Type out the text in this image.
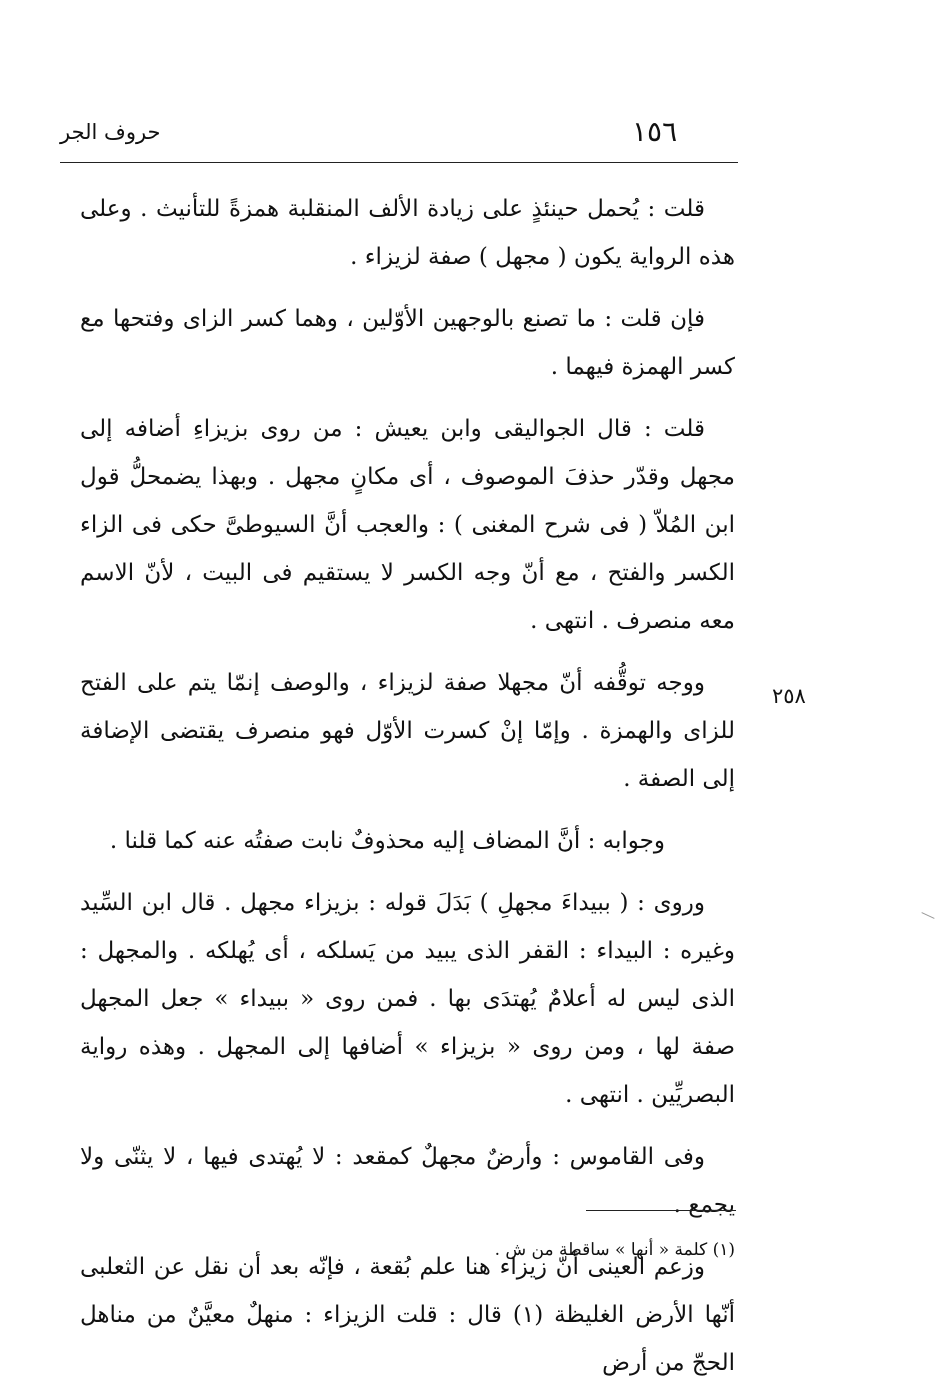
حروف الجر	١٥٦

قلت : يُحمل حينئذٍ على زيادة الألف المنقلبة همزةً للتأنيث . وعلى هذه الرواية يكون ( مجهل ) صفة لزيزاء .

فإن قلت : ما تصنع بالوجهين الأوّلين ، وهما كسر الزاى وفتحها مع كسر الهمزة فيهما .

قلت : قال الجواليقى وابن يعيش : من روى بزيزاءِ أضافه إلى مجهل وقدّر حذفَ الموصوف ، أى مكانٍ مجهل . وبهذا يضمحلُّ قول ابن المُلاّ ( فى شرح المغنى ) : والعجب أنَّ السيوطىَّ حكى فى الزاء الكسر والفتح ، مع أنّ وجه الكسر لا يستقيم فى البيت ، لأنّ الاسم معه منصرف . انتهى .

ووجه توقُّفه أنّ مجهلا صفة لزيزاء ، والوصف إنمّا يتم على الفتح للزاى والهمزة . وإمّا إنْ كسرت الأوّل فهو منصرف يقتضى الإضافة إلى الصفة .

وجوابه : أنَّ المضاف إليه محذوفٌ نابت صفتُه عنه كما قلنا .

وروى : ( ببيداءَ مجهلِ ) بَدَلَ قوله : بزيزاء مجهل . قال ابن السِّيد وغيره : البيداء : القفر الذى يبيد من يَسلكه ، أى يُهلكه . والمجهل : الذى ليس له أعلامٌ يُهتدَى بها . فمن روى « ببيداء » جعل المجهل صفة لها ، ومن روى « بزيزاء » أضافها إلى المجهل . وهذه رواية البصريِّين . انتهى .

وفى القاموس : وأرضٌ مجهلٌ كمقعد : لا يُهتدى فيها ، لا يثنّى ولا يجمع .

وزعم العينى أنّ زيزاء هنا علم بُقعة ، فإنّه بعد أن نقل عن الثعلبى أنّها الأرض الغليظة (١) قال : قلت الزيزاء : منهلٌ معيَّنٌ من مناهل الحجّ من أرض

٢٥٨
(١) كلمة « أنها » ساقطة من ش .
